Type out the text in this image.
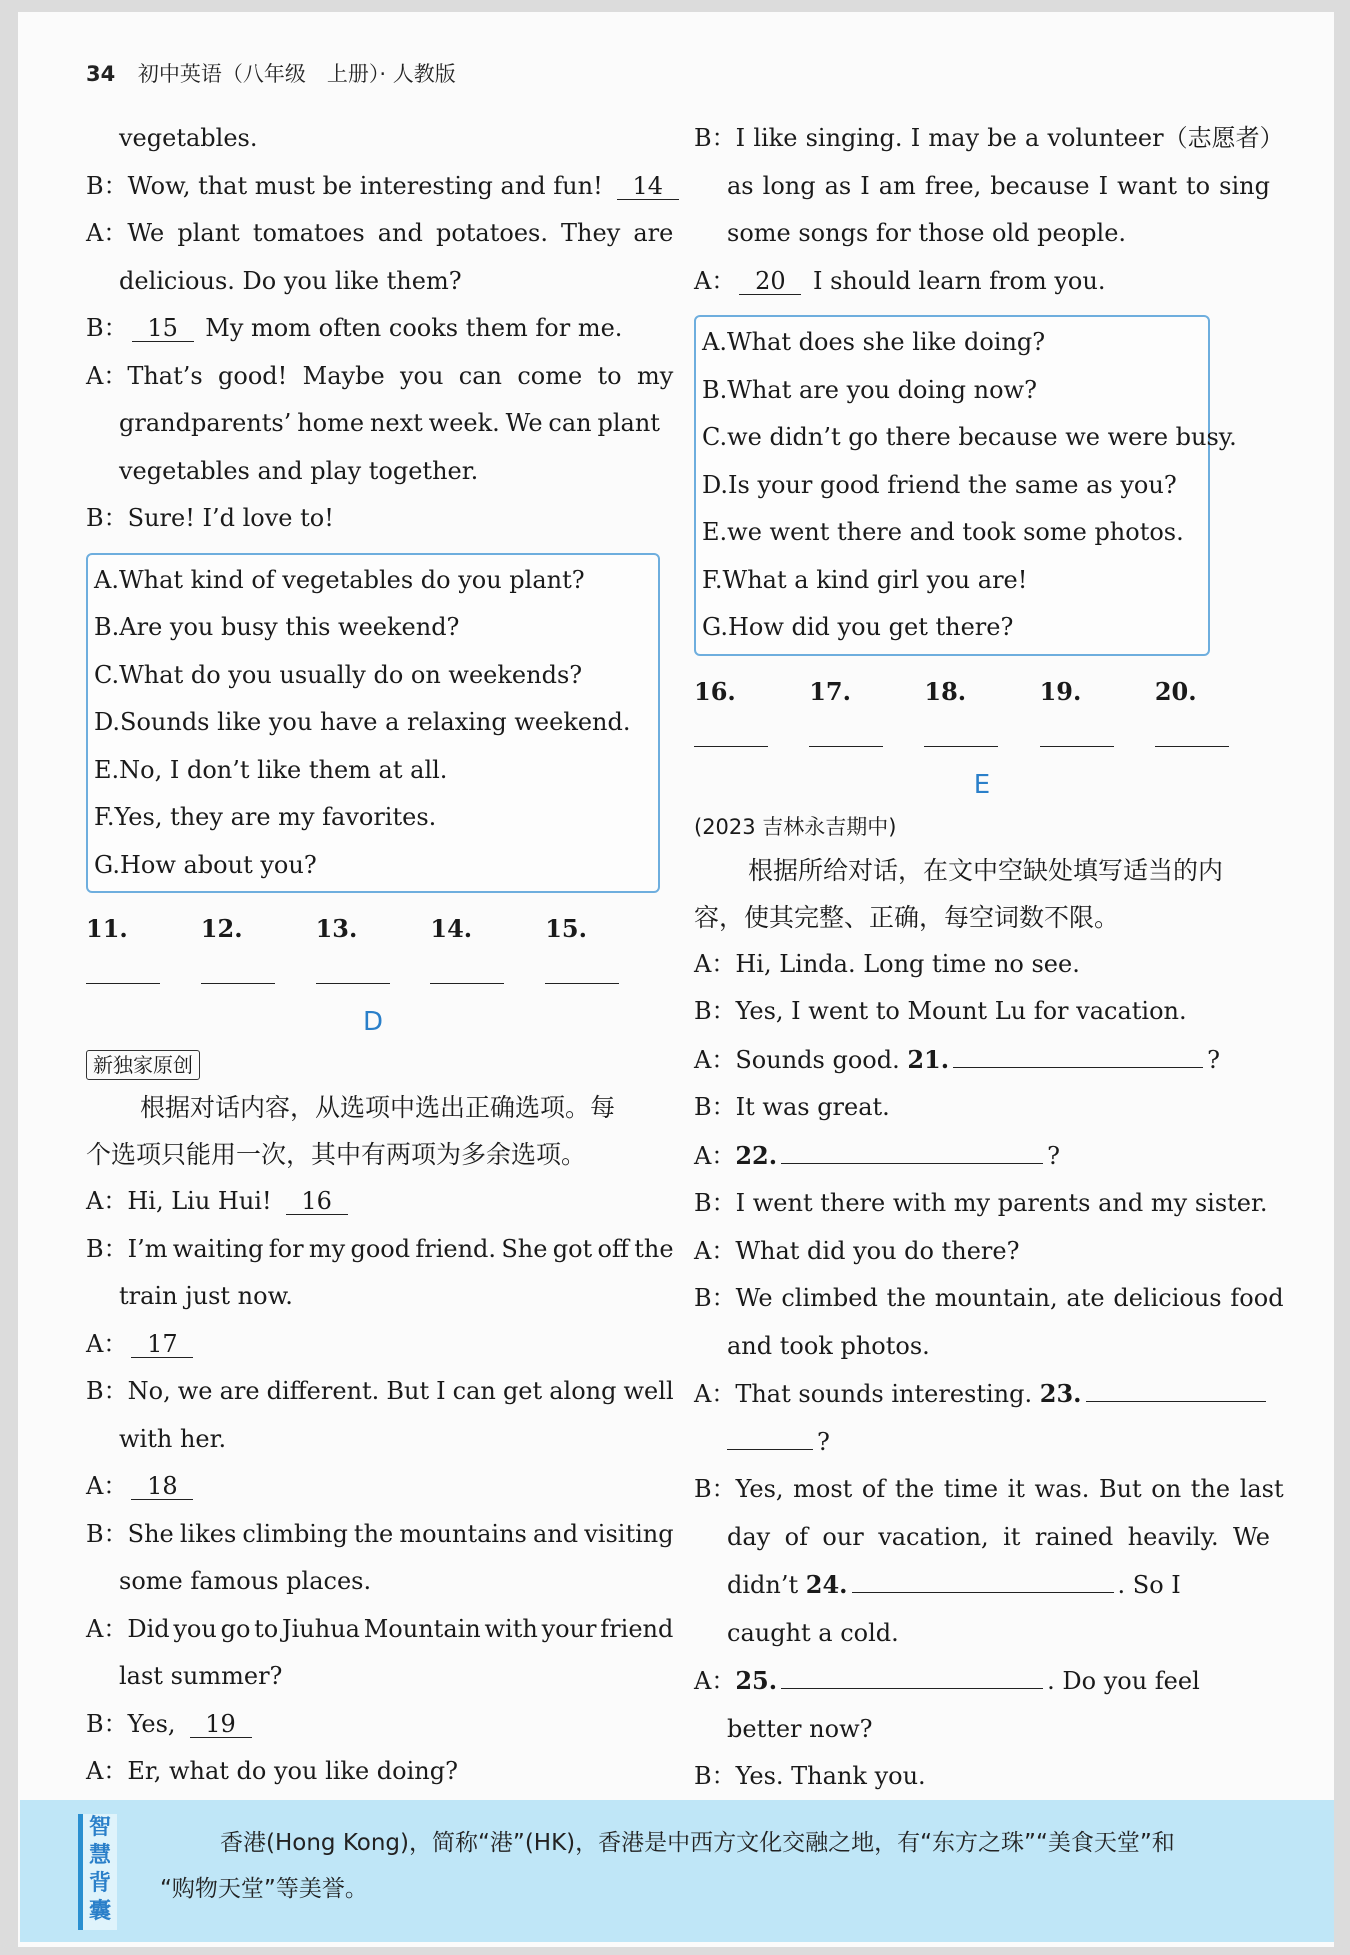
34 初中英语（八年级　上册）· 人教版
vegetables.
B：Wow, that must be interesting and fun! 14
A： We plant tomatoes and potatoes. They are
delicious. Do you like them?
B： 15 My mom often cooks them for me.
A： That’s good! Maybe you can come to my
grandparents’ home next week. We can plant
vegetables and play together.
B：Sure! I’d love to!
A.What kind of vegetables do you plant?
B.Are you busy this weekend?
C.What do you usually do on weekends?
D.Sounds like you have a relaxing weekend.
E.No, I don’t like them at all.
F.Yes, they are my favorites.
G.How about you?
11.	12.	13.	14.	15.
D
新独家原创
根据对话内容，从选项中选出正确选项。每
个选项只能用一次，其中有两项为多余选项。
A：Hi, Liu Hui! 16
B： I’m waiting for my good friend. She got off the
train just now.
A： 17
B： No, we are different. But I can get along well
with her.
A： 18
B： She likes climbing the mountains and visiting
some famous places.
A： Did you go to Jiuhua Mountain with your friend
last summer?
B：Yes, 19
A：Er, what do you like doing?
B： I like singing. I may be a volunteer（志愿者）
as long as I am free, because I want to sing
some songs for those old people.
A： 20 I should learn from you.
A.What does she like doing?
B.What are you doing now?
C.we didn’t go there because we were busy.
D.Is your good friend the same as you?
E.we went there and took some photos.
F.What a kind girl you are!
G.How did you get there?
16.	17.	18.	19.	20.
E
(2023 吉林永吉期中)
根据所给对话，在文中空缺处填写适当的内
容，使其完整、正确，每空词数不限。
A：Hi, Linda. Long time no see.
B：Yes, I went to Mount Lu for vacation.
A：Sounds good. 21.	?
B：It was great.
A：22.	?
B：I went there with my parents and my sister.
A：What did you do there?
B： We climbed the mountain, ate delicious food
and took photos.
A：That sounds interesting. 23.
?
B： Yes, most of the time it was. But on the last
day of our vacation, it rained heavily. We
didn’t 24.	. So I
caught a cold.
A：25.	. Do you feel
better now?
B：Yes. Thank you.
智慧背囊
香港(Hong Kong)，简称“港”(HK)，香港是中西方文化交融之地，有“东方之珠”“美食天堂”和
“购物天堂”等美誉。
